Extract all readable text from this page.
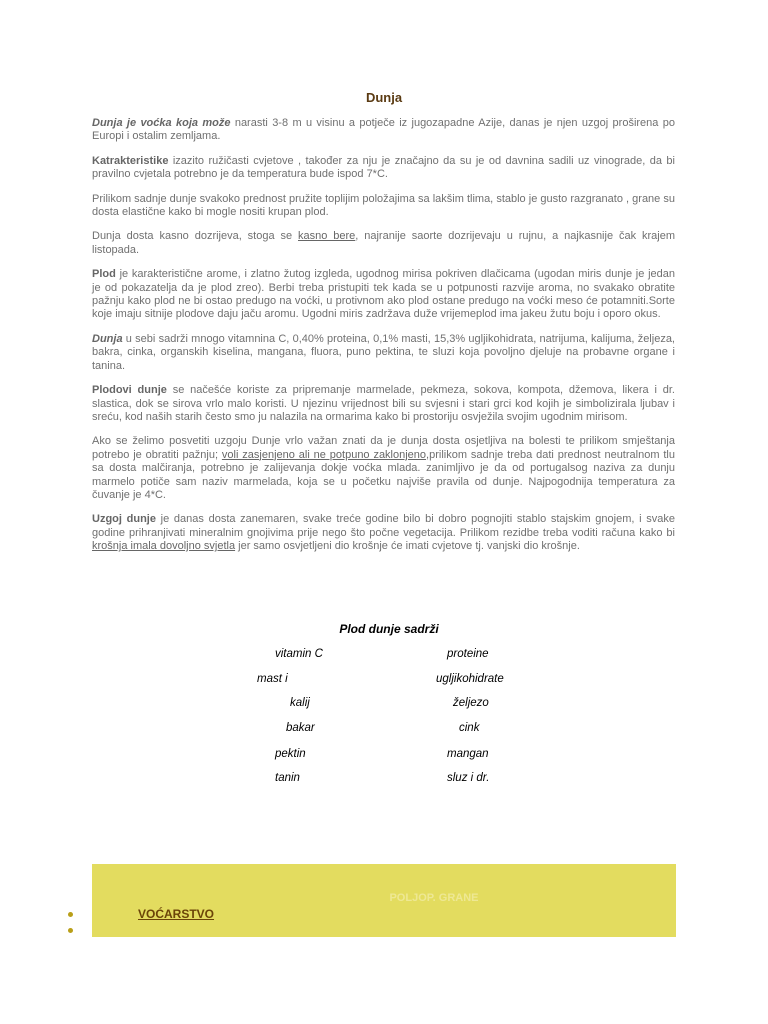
Dunja

Dunja je voćka koja može narasti 3-8 m u visinu a potječe iz jugozapadne Azije, danas je njen uzgoj proširena po Europi i ostalim zemljama.

Katrakteristike izazito ružičasti cvjetove , također za nju je značajno da su je od davnina sadili uz vinograde, da bi pravilno cvjetala potrebno je da temperatura bude ispod 7*C.

Prilikom sadnje dunje svakoko prednost pružite toplijim položajima sa lakšim tlima, stablo je gusto razgranato , grane su dosta elastične kako bi mogle nositi krupan plod.

Dunja dosta kasno dozrijeva, stoga se kasno bere, najranije saorte dozrijevaju u rujnu, a najkasnije čak krajem listopada.

Plod je karakteristične arome, i zlatno žutog izgleda, ugodnog mirisa pokriven dlačicama (ugodan miris dunje je jedan je od pokazatelja da je plod zreo). Berbi treba pristupiti tek kada se u potpunosti razvije aroma, no svakako obratite pažnju kako plod ne bi ostao predugo na voćki, u protivnom ako plod ostane predugo na voćki meso će potamniti.Sorte koje imaju sitnije plodove daju jaču aromu. Ugodni miris zadržava duže vrijemeplod ima jakeu žutu boju i oporo okus.

Dunja u sebi sadrži mnogo vitamnina C, 0,40% proteina, 0,1% masti, 15,3% ugljikohidrata, natrijuma, kalijuma, željeza, bakra, cinka, organskih kiselina, mangana, fluora, puno pektina, te sluzi koja povoljno djeluje na probavne organe i tanina.

Plodovi dunje se načešće koriste za pripremanje marmelade, pekmeza, sokova, kompota, džemova, likera i dr. slastica, dok se sirova vrlo malo koristi. U njezinu vrijednost bili su svjesni i stari grci kod kojih je simbolizirala ljubav i sreću, kod naših starih često smo ju nalazila na ormarima kako bi prostoriju osvježila svojim ugodnim mirisom.

Ako se želimo posvetiti uzgoju Dunje vrlo važan znati da je dunja dosta osjetljiva na bolesti te prilikom smještanja potrebo je obratiti pažnju; voli zasjenjeno ali ne potpuno zaklonjeno,prilikom sadnje treba dati prednost neutralnom tlu sa dosta malčiranja, potrebno je zalijevanja dokje voćka mlada. zanimljivo je da od portugalsog naziva za dunju marmelo potiče sam naziv marmelada, koja se u početku najviše pravila od dunje. Najpogodnija temperatura za čuvanje je 4*C.

Uzgoj dunje je danas dosta zanemaren, svake treće godine bilo bi dobro pognojiti stablo stajskim gnojem, i svake godine prihranjivati mineralnim gnojivima prije nego što počne vegetacija. Prilikom rezidbe treba voditi računa kako bi krošnja imala dovoljno svjetla jer samo osvjetljeni dio krošnje će imati cvjetove tj. vanjski dio krošnje.

Plod dunje sadrži
vitamin C
mast i
kalij
bakar
pektin
tanin
proteine
ugljikohidrate
željezo
cink
mangan
sluz i dr.
POLJOP. GRANE
VOĆARSTVO
